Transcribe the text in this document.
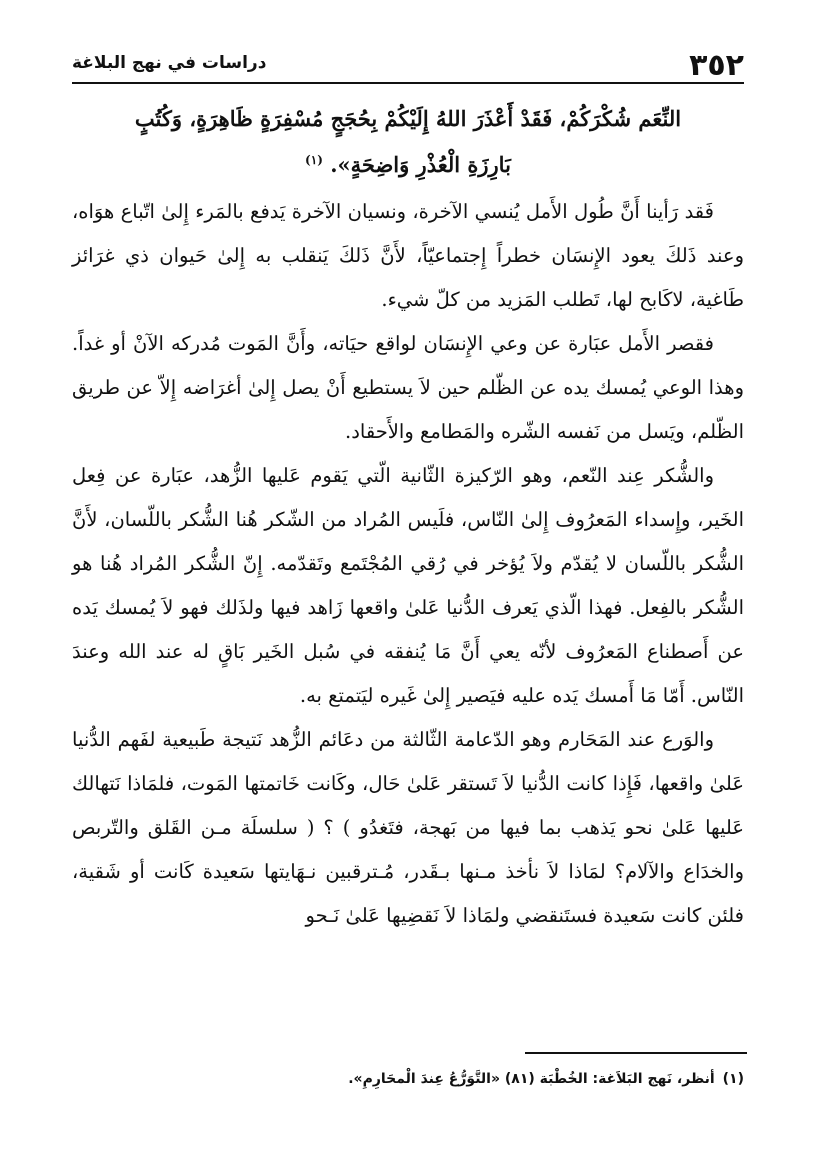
٣٥٢
دراسات في نهج البلاغة

النِّعَم شُكْرَكُمْ، فَقَدْ أَعْذَرَ اللهُ إِلَيْكُمْ بِحُجَجٍ مُسْفِرَةٍ ظَاهِرَةٍ، وَكُتُبٍ بَارِزَةِ الْعُذْرِ وَاضِحَةٍ». $^{(١)}$

فَقد رَأينا أَنَّ طُول الأَمل يُنسي الآخرة، ونسيان الآخرة يَدفع بالمَرء إِلىٰ اتّباع هوَاه، وعند ذَلكَ يعود الإِنسَان خطراً إِجتماعيّاً، لأَنَّ ذَلكَ يَنقلب به إِلىٰ حَيوان ذي غرَائز طَاغية، لاكَابح لها، تَطلب المَزيد من كلّ شيء.

فقصر الأَمل عبَارة عن وعي الإِنسَان لواقع حيَاته، وأَنَّ المَوت مُدركه الآنْ أو غداً. وهذا الوعي يُمسك يده عن الظّلم حين لاَ يستطيع أَنْ يصل إِلىٰ أغرَاضه إِلاّ عن طريق الظّلم، ويَسل من نَفسه الشّره والمَطامع والأَحقاد.

والشُّكر عِند النّعم، وهو الرّكيزة الثّانية الّتي يَقوم عَليها الزُّهد، عبَارة عن فِعل الخَير، وإِسداء المَعرُوف إِلىٰ النّاس، فلَيس المُراد من الشّكر هُنا الشُّكر باللّسان، لأَنَّ الشُّكر باللّسان لا يُقدّم ولاَ يُؤخر في رُقي المُجْتَمع وتَقدّمه. إِنّ الشُّكر المُراد هُنا هو الشُّكر بالفِعل. فهذا الّذي يَعرف الدُّنيا عَلىٰ واقعها زَاهد فيها ولذَلك فهو لاَ يُمسك يَده عن أَصطناع المَعرُوف لأنّه يعي أَنَّ مَا يُنفقه في سُبل الخَير بَاقٍ له عند الله وعندَ النّاس. أَمّا مَا أَمسك يَده عليه فيَصير إِلىٰ غَيره ليَتمتع به.

والوَرع عند المَحَارم وهو الدّعامة الثّالثة من دعَائم الزُّهد نَتيجة طَبيعية لفَهم الدُّنيا عَلىٰ واقعها، فَإِذا كانت الدُّنيا لاَ تَستقر عَلىٰ حَال، وكَانت خَاتمتها المَوت، فلمَاذا نَتهالك عَليها عَلىٰ نحو يَذهب بما فيها من بَهجة، فتَغدُو ) ؟ ( سلسلَة مـن القَلق والتّربص والخدَاع والآلام؟ لمَاذا لاَ نأخذ مـنها بـقَدر، مُـترقبين نـهَايتها سَعيدة كَانت أو شَقية، فلئن كانت سَعيدة فستَنقضي ولمَاذا لاَ نَقضِيها عَلىٰ نَـحو

(١)أنظر، نَهج البَلاَغة: الخُطْبَة (٨١) «التَّوَرُّعُ عِندَ الْمحَارِمِ».
